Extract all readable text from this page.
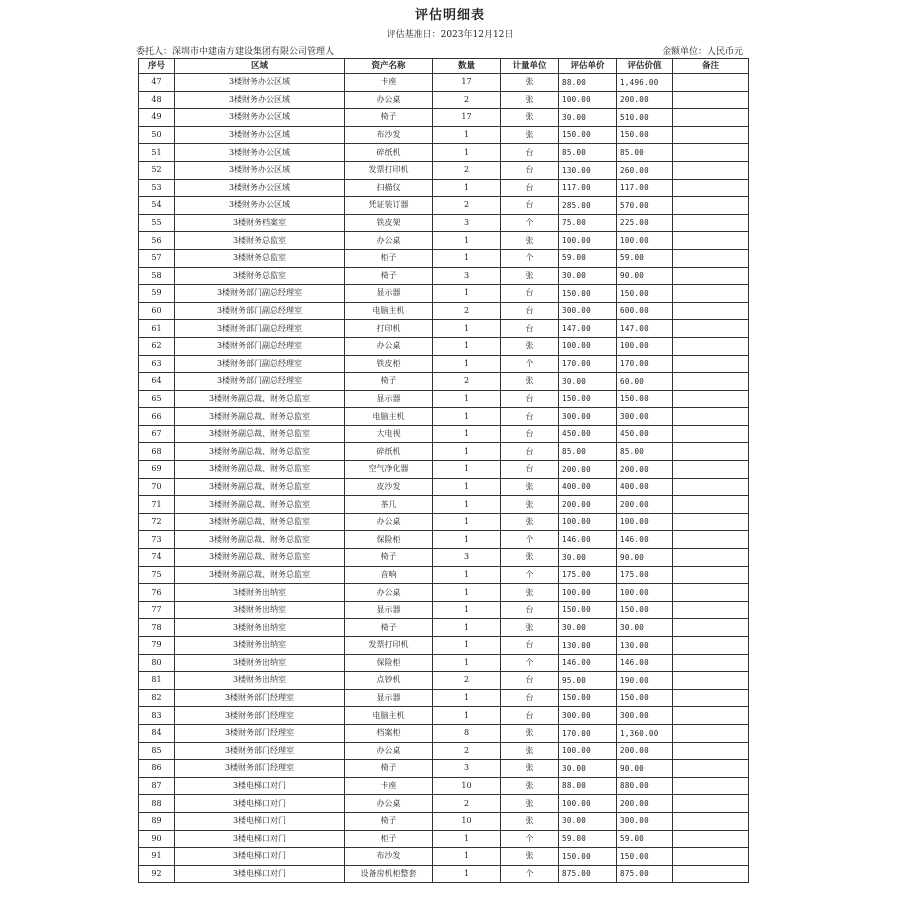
评估明细表
评估基准日：2023年12月12日
委托人：深圳市中建南方建设集团有限公司管理人	金额单位：人民币元
序号	区域	资产名称	数量	计量单位	评估单价	评估价值	备注
47	3楼财务办公区域	卡座	17	张	88.00	1,496.00	
48	3楼财务办公区域	办公桌	2	张	100.00	200.00	
49	3楼财务办公区域	椅子	17	张	30.00	510.00	
50	3楼财务办公区域	布沙发	1	张	150.00	150.00	
51	3楼财务办公区域	碎纸机	1	台	85.00	85.00	
52	3楼财务办公区域	发票打印机	2	台	130.00	260.00	
53	3楼财务办公区域	扫描仪	1	台	117.00	117.00	
54	3楼财务办公区域	凭证装订器	2	台	285.00	570.00	
55	3楼财务档案室	铁皮架	3	个	75.00	225.00	
56	3楼财务总监室	办公桌	1	张	100.00	100.00	
57	3楼财务总监室	柜子	1	个	59.00	59.00	
58	3楼财务总监室	椅子	3	张	30.00	90.00	
59	3楼财务部门副总经理室	显示器	1	台	150.00	150.00	
60	3楼财务部门副总经理室	电脑主机	2	台	300.00	600.00	
61	3楼财务部门副总经理室	打印机	1	台	147.00	147.00	
62	3楼财务部门副总经理室	办公桌	1	张	100.00	100.00	
63	3楼财务部门副总经理室	铁皮柜	1	个	170.00	170.00	
64	3楼财务部门副总经理室	椅子	2	张	30.00	60.00	
65	3楼财务副总裁、财务总监室	显示器	1	台	150.00	150.00	
66	3楼财务副总裁、财务总监室	电脑主机	1	台	300.00	300.00	
67	3楼财务副总裁、财务总监室	大电视	1	台	450.00	450.00	
68	3楼财务副总裁、财务总监室	碎纸机	1	台	85.00	85.00	
69	3楼财务副总裁、财务总监室	空气净化器	1	台	200.00	200.00	
70	3楼财务副总裁、财务总监室	皮沙发	1	张	400.00	400.00	
71	3楼财务副总裁、财务总监室	茶几	1	张	200.00	200.00	
72	3楼财务副总裁、财务总监室	办公桌	1	张	100.00	100.00	
73	3楼财务副总裁、财务总监室	保险柜	1	个	146.00	146.00	
74	3楼财务副总裁、财务总监室	椅子	3	张	30.00	90.00	
75	3楼财务副总裁、财务总监室	音响	1	个	175.00	175.00	
76	3楼财务出纳室	办公桌	1	张	100.00	100.00	
77	3楼财务出纳室	显示器	1	台	150.00	150.00	
78	3楼财务出纳室	椅子	1	张	30.00	30.00	
79	3楼财务出纳室	发票打印机	1	台	130.00	130.00	
80	3楼财务出纳室	保险柜	1	个	146.00	146.00	
81	3楼财务出纳室	点钞机	2	台	95.00	190.00	
82	3楼财务部门经理室	显示器	1	台	150.00	150.00	
83	3楼财务部门经理室	电脑主机	1	台	300.00	300.00	
84	3楼财务部门经理室	档案柜	8	张	170.00	1,360.00	
85	3楼财务部门经理室	办公桌	2	张	100.00	200.00	
86	3楼财务部门经理室	椅子	3	张	30.00	90.00	
87	3楼电梯口对门	卡座	10	张	88.00	880.00	
88	3楼电梯口对门	办公桌	2	张	100.00	200.00	
89	3楼电梯口对门	椅子	10	张	30.00	300.00	
90	3楼电梯口对门	柜子	1	个	59.00	59.00	
91	3楼电梯口对门	布沙发	1	张	150.00	150.00	
92	3楼电梯口对门	设备房机柜整套	1	个	875.00	875.00	
